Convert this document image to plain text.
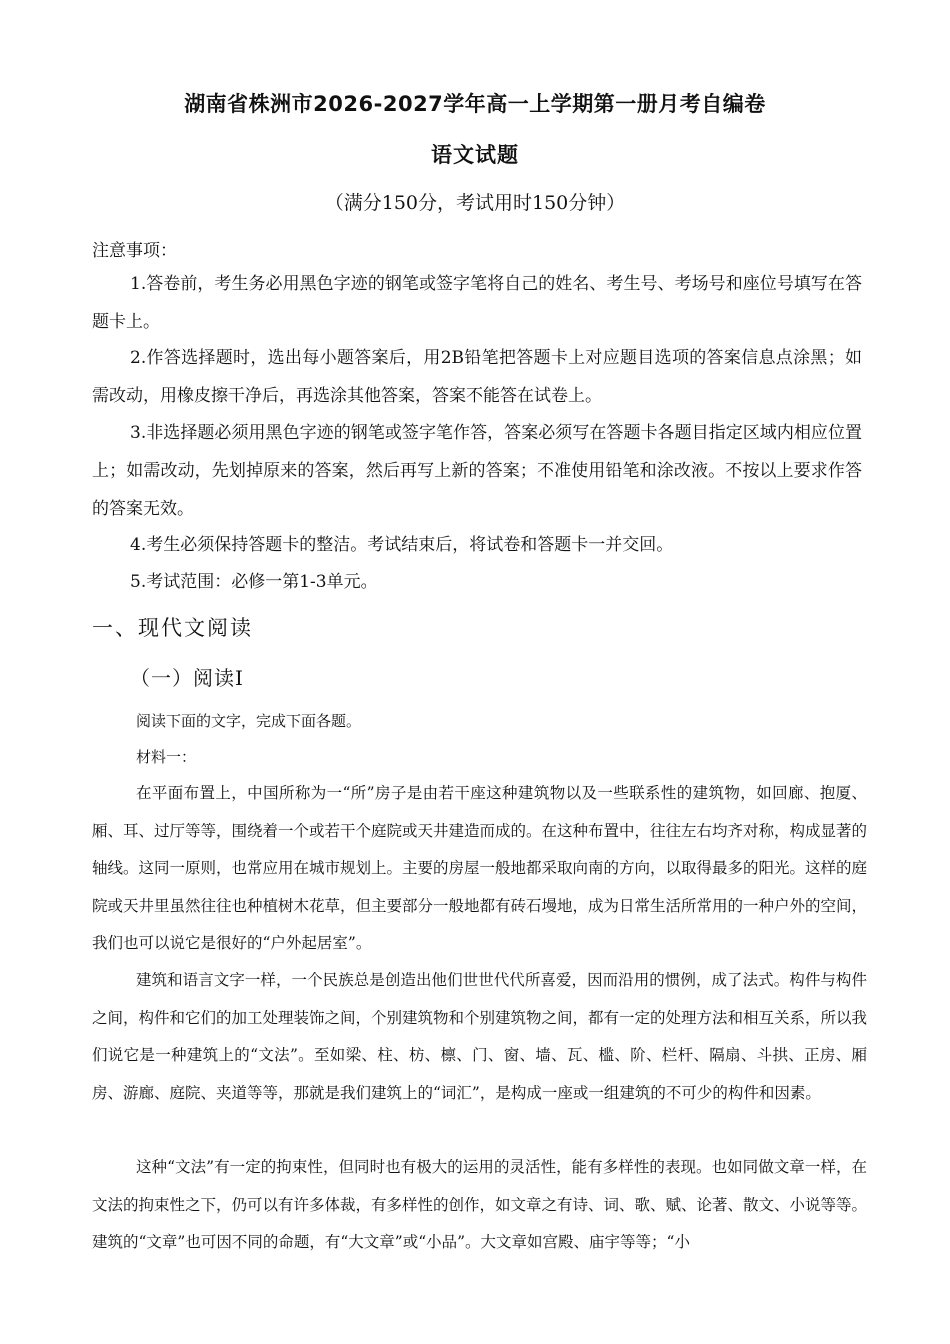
湖南省株洲市2026-2027学年高一上学期第一册月考自编卷
语文试题
（满分150分，考试用时150分钟）
注意事项：
1.答卷前，考生务必用黑色字迹的钢笔或签字笔将自己的姓名、考生号、考场号和座位号填写在答题卡上。
2.作答选择题时，选出每小题答案后，用2B铅笔把答题卡上对应题目选项的答案信息点涂黑；如需改动，用橡皮擦干净后，再选涂其他答案，答案不能答在试卷上。
3.非选择题必须用黑色字迹的钢笔或签字笔作答，答案必须写在答题卡各题目指定区域内相应位置上；如需改动，先划掉原来的答案，然后再写上新的答案；不准使用铅笔和涂改液。不按以上要求作答的答案无效。
4.考生必须保持答题卡的整洁。考试结束后，将试卷和答题卡一并交回。
5.考试范围：必修一第1-3单元。
一、现代文阅读
（一）阅读I
阅读下面的文字，完成下面各题。
材料一：
在平面布置上，中国所称为一“所”房子是由若干座这种建筑物以及一些联系性的建筑物，如回廊、抱厦、厢、耳、过厅等等，围绕着一个或若干个庭院或天井建造而成的。在这种布置中，往往左右均齐对称，构成显著的轴线。这同一原则，也常应用在城市规划上。主要的房屋一般地都采取向南的方向，以取得最多的阳光。这样的庭院或天井里虽然往往也种植树木花草，但主要部分一般地都有砖石墁地，成为日常生活所常用的一种户外的空间，我们也可以说它是很好的“户外起居室”。
建筑和语言文字一样，一个民族总是创造出他们世世代代所喜爱，因而沿用的惯例，成了法式。构件与构件之间，构件和它们的加工处理装饰之间，个别建筑物和个别建筑物之间，都有一定的处理方法和相互关系，所以我们说它是一种建筑上的“文法”。至如梁、柱、枋、檩、门、窗、墙、瓦、槛、阶、栏杆、隔扇、斗拱、正房、厢房、游廊、庭院、夹道等等，那就是我们建筑上的“词汇”，是构成一座或一组建筑的不可少的构件和因素。
这种“文法”有一定的拘束性，但同时也有极大的运用的灵活性，能有多样性的表现。也如同做文章一样，在文法的拘束性之下，仍可以有许多体裁，有多样性的创作，如文章之有诗、词、歌、赋、论著、散文、小说等等。建筑的“文章”也可因不同的命题，有“大文章”或“小品”。大文章如宫殿、庙宇等等；“小
